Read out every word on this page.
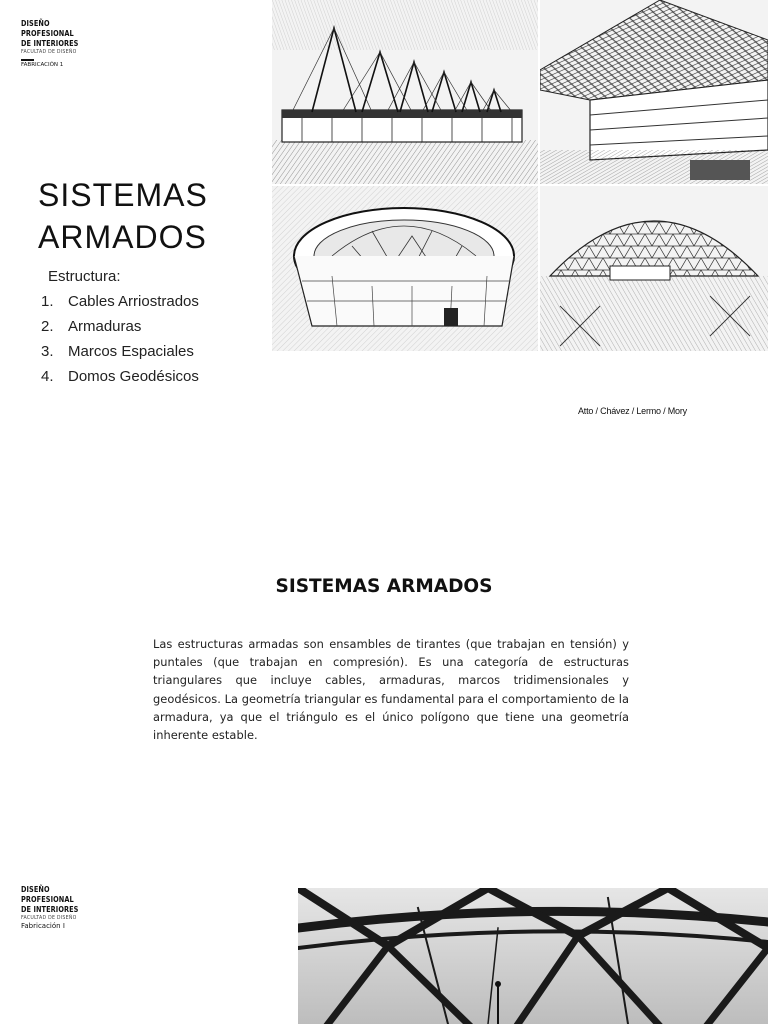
DISEÑO
PROFESIONAL
DE INTERIORES
FACULTAD DE DISEÑO
FABRICACIÓN 1
SISTEMAS
ARMADOS
Estructura:
1. Cables Arriostrados
2. Armaduras
3. Marcos Espaciales
4. Domos Geodésicos
Atto / Chávez / Lermo / Mory
SISTEMAS ARMADOS
Las estructuras armadas son ensambles de tirantes (que trabajan en tensión) y puntales (que trabajan en compresión). Es una categoría de estructuras triangulares que incluye cables, armaduras, marcos tridimensionales y geodésicos. La geometría triangular es fundamental para el comportamiento de la armadura, ya que el triángulo es el único polígono que tiene una geometría inherente estable.
DISEÑO
PROFESIONAL
DE INTERIORES
FACULTAD DE DISEÑO
Fabricación I
